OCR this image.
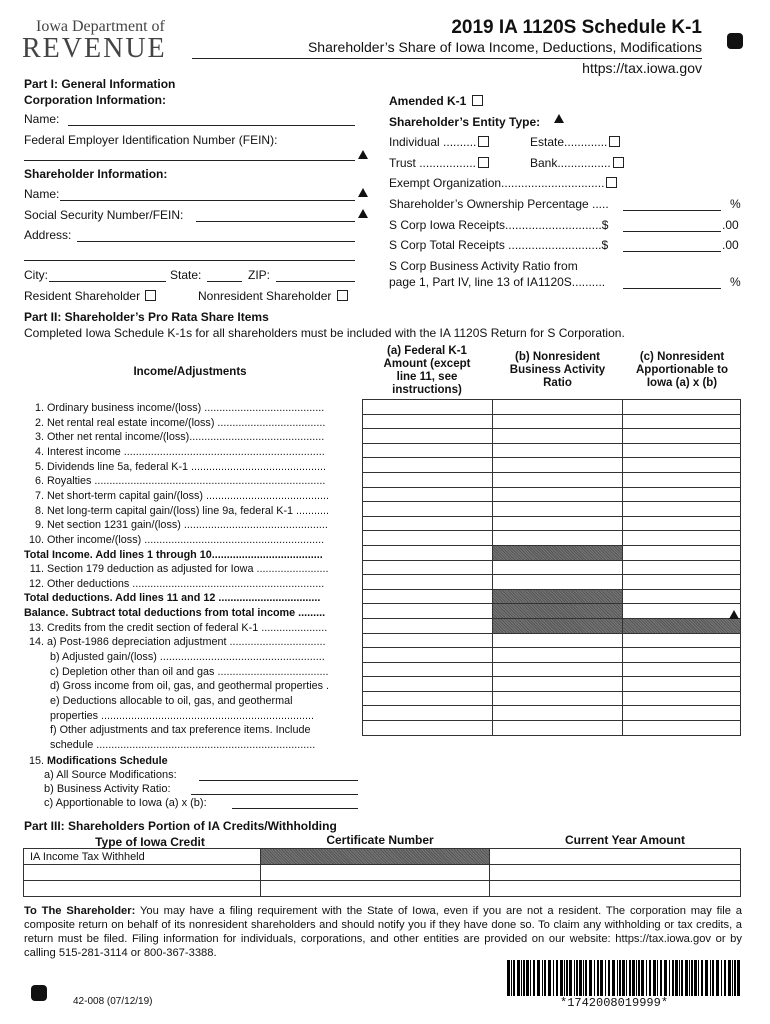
Iowa Department of
REVENUE
2019 IA 1120S Schedule K-1
Shareholder’s Share of Iowa Income, Deductions, Modifications
https://tax.iowa.gov
Part I: General Information
Corporation Information:
Name:
Federal Employer Identification Number (FEIN):
Shareholder Information:
Name:
Social Security Number/FEIN:
Address:
City:	State:	ZIP:
Resident Shareholder	Nonresident Shareholder
Amended K-1
Shareholder’s Entity Type:
Individual ..........	Estate.............
Trust .................	Bank................
Exempt Organization...............................
Shareholder’s Ownership Percentage .....	%
S Corp Iowa Receipts.............................$	.00
S Corp Total Receipts ............................$	.00
S Corp Business Activity Ratio from
page 1, Part IV, line 13 of IA1120S..........	%
Part II: Shareholder’s Pro Rata Share Items
Completed Iowa Schedule K-1s for all shareholders must be included with the IA 1120S Return for S Corporation.
Income/Adjustments
(a) Federal K-1
Amount (except
line 11, see
instructions)
(b) Nonresident
Business Activity
Ratio
(c) Nonresident
Apportionable to
Iowa (a) x (b)
1. Ordinary business income/(loss) ........................................
2. Net rental real estate income/(loss) ....................................
3. Other net rental income/(loss).............................................
4. Interest income ...................................................................
5. Dividends line 5a, federal K-1 .............................................
6. Royalties .............................................................................
7. Net short-term capital gain/(loss) .........................................
8. Net long-term capital gain/(loss) line 9a, federal K-1 ...........
9. Net section 1231 gain/(loss) ................................................
10. Other income/(loss) ............................................................
Total Income. Add lines 1 through 10.....................................
11. Section 179 deduction as adjusted for Iowa ........................
12. Other deductions ................................................................
Total deductions. Add lines 11 and 12 ..................................
Balance. Subtract total deductions from total income .........
13. Credits from the credit section of federal K-1 ......................
14. a) Post-1986 depreciation adjustment ................................
b) Adjusted gain/(loss) .......................................................
c) Depletion other than oil and gas .....................................
d) Gross income from oil, gas, and geothermal properties .
e) Deductions allocable to oil, gas, and geothermal
properties .......................................................................
f) Other adjustments and tax preference items. Include
schedule .........................................................................

15. Modifications Schedule
a) All Source Modifications:
b) Business Activity Ratio:
c) Apportionable to Iowa (a) x (b):
Part III: Shareholders Portion of IA Credits/Withholding
Type of Iowa Credit	Certificate Number	Current Year Amount
IA Income Tax Withheld		

To The Shareholder: You may have a filing requirement with the State of Iowa, even if you are not a resident. The corporation may file a composite return on behalf of its nonresident shareholders and should notify you if they have done so. To claim any withholding or tax credits, a return must be filed. Filing information for individuals, corporations, and other entities are provided on our website: https://tax.iowa.gov or by calling 515-281-3114 or 800-367-3388.
42-008 (07/12/19)	*1742008019999*
